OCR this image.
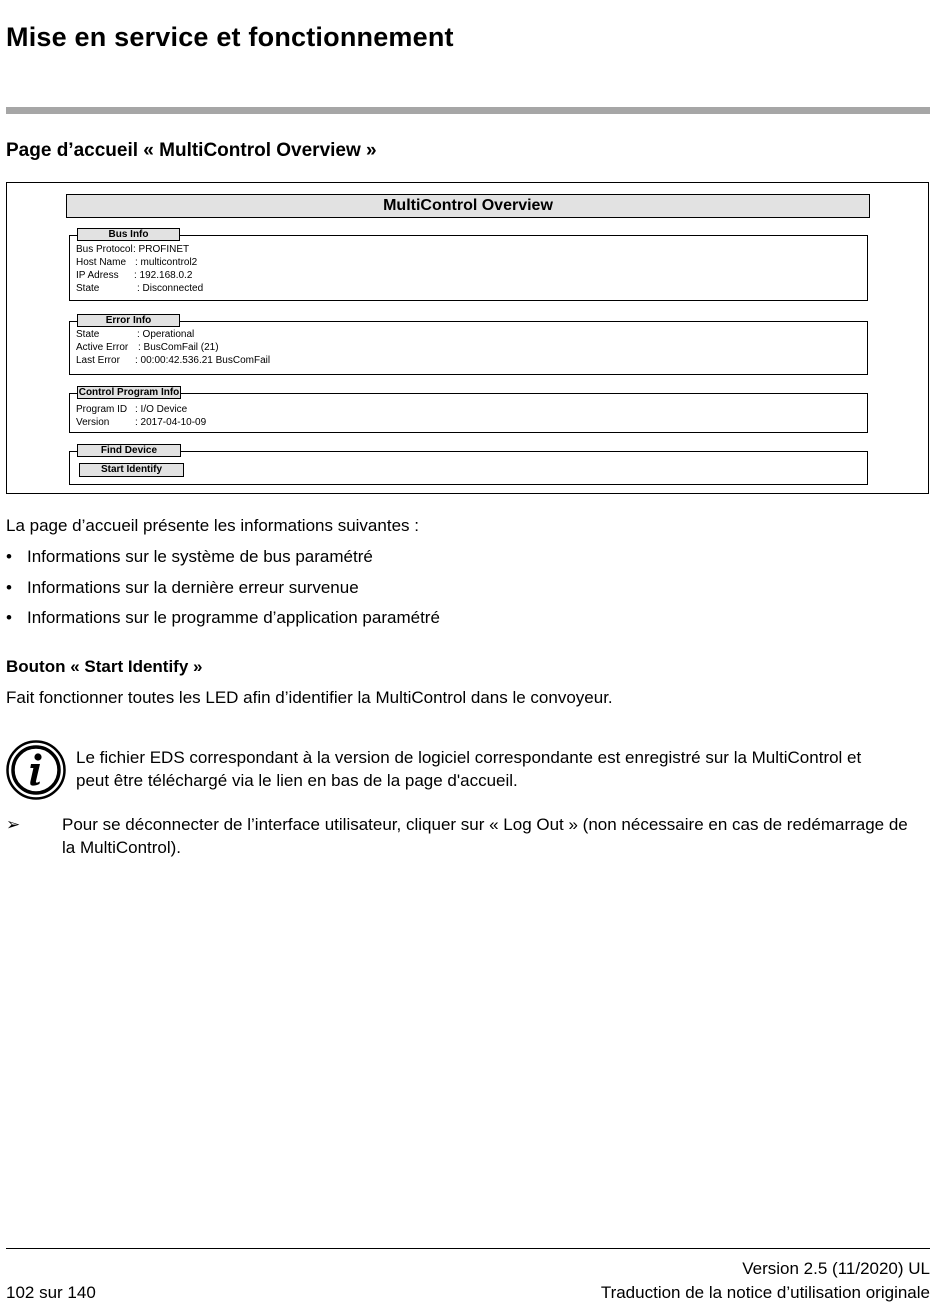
Mise en service et fonctionnement
Page d’accueil « MultiControl Overview »
MultiControl Overview
Bus Info
Bus Protocol : PROFINET
Host Name : multicontrol2
IP Adress : 192.168.0.2
State	: Disconnected
Error Info
State	: Operational
Active Error : BusComFail (21)
Last Error : 00:00:42.536.21 BusComFail
Control Program Info
Program ID : I/O Device
Version	: 2017-04-10-09
Find Device
Start Identify
La page d’accueil présente les informations suivantes :
• Informations sur le système de bus paramétré
• Informations sur la dernière erreur survenue
• Informations sur le programme d’application paramétré
Bouton « Start Identify »
Fait fonctionner toutes les LED afin d’identifier la MultiControl dans le convoyeur.
Le fichier EDS correspondant à la version de logiciel correspondante est enregistré sur la MultiControl et
peut être téléchargé via le lien en bas de la page d'accueil.
➢ Pour se déconnecter de l’interface utilisateur, cliquer sur « Log Out » (non nécessaire en cas de redémarrage de
la MultiControl).
Version 2.5 (11/2020) UL
102 sur 140	Traduction de la notice d’utilisation originale
